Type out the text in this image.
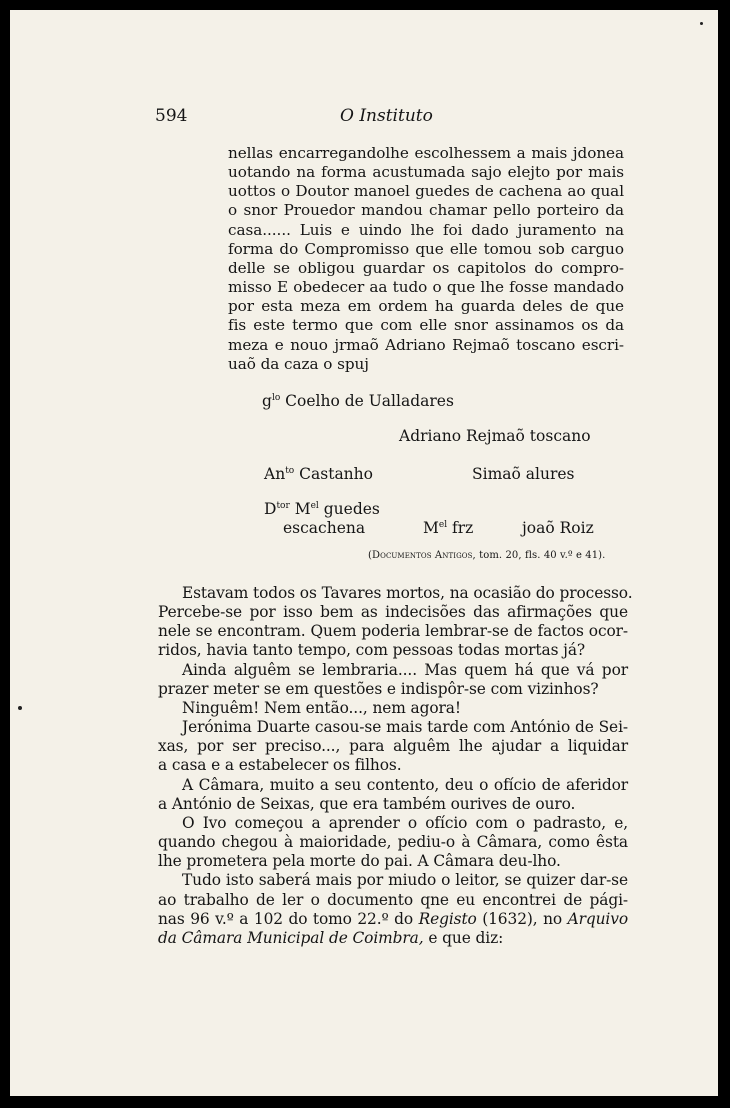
594	O Instituto
nellas encarregandolhe escolhessem a mais jdonea
uotando na forma acustumada sajo elejto por mais
uottos o Doutor manoel guedes de cachena ao qual
o snor Prouedor mandou chamar pello porteiro da
casa...... Luis e uindo lhe foi dado juramento na
forma do Compromisso que elle tomou sob carguo
delle se obligou guardar os capitolos do compro-
misso E obedecer aa tudo o que lhe fosse mandado
por esta meza em ordem ha guarda deles de que
fis este termo que com elle snor assinamos os da
meza e nouo jrmaõ Adriano Rejmaõ toscano escri-
uaõ da caza o spuj
$g^{lo}$ Coelho de Ualladares
Adriano Rejmaõ toscano
$An^{to}$ Castanho	Simaõ alures
$D^{tor}$ $M^{el}$ guedes
escachena	$M^{el}$ frz	joaõ Roiz
(Documentos Antigos, tom. 20, fls. 40 v.º e 41).
Estavam todos os Tavares mortos, na ocasião do processo.
Percebe-se por isso bem as indecisões das afirmações que
nele se encontram. Quem poderia lembrar-se de factos ocor-
ridos, havia tanto tempo, com pessoas todas mortas já?
Ainda alguêm se lembraria.... Mas quem há que vá por
prazer meter se em questões e indispôr-se com vizinhos?
Ninguêm! Nem então..., nem agora!
Jerónima Duarte casou-se mais tarde com António de Sei-
xas, por ser preciso..., para alguêm lhe ajudar a liquidar
a casa e a estabelecer os filhos.
A Câmara, muito a seu contento, deu o ofício de aferidor
a António de Seixas, que era também ourives de ouro.
O Ivo começou a aprender o ofício com o padrasto, e,
quando chegou à maioridade, pediu-o à Câmara, como êsta
lhe prometera pela morte do pai. A Câmara deu-lho.
Tudo isto saberá mais por miudo o leitor, se quizer dar-se
ao trabalho de ler o documento qne eu encontrei de pági-
nas 96 v.º a 102 do tomo 22.º do Registo (1632), no Arquivo
da Câmara Municipal de Coimbra, e que diz:
